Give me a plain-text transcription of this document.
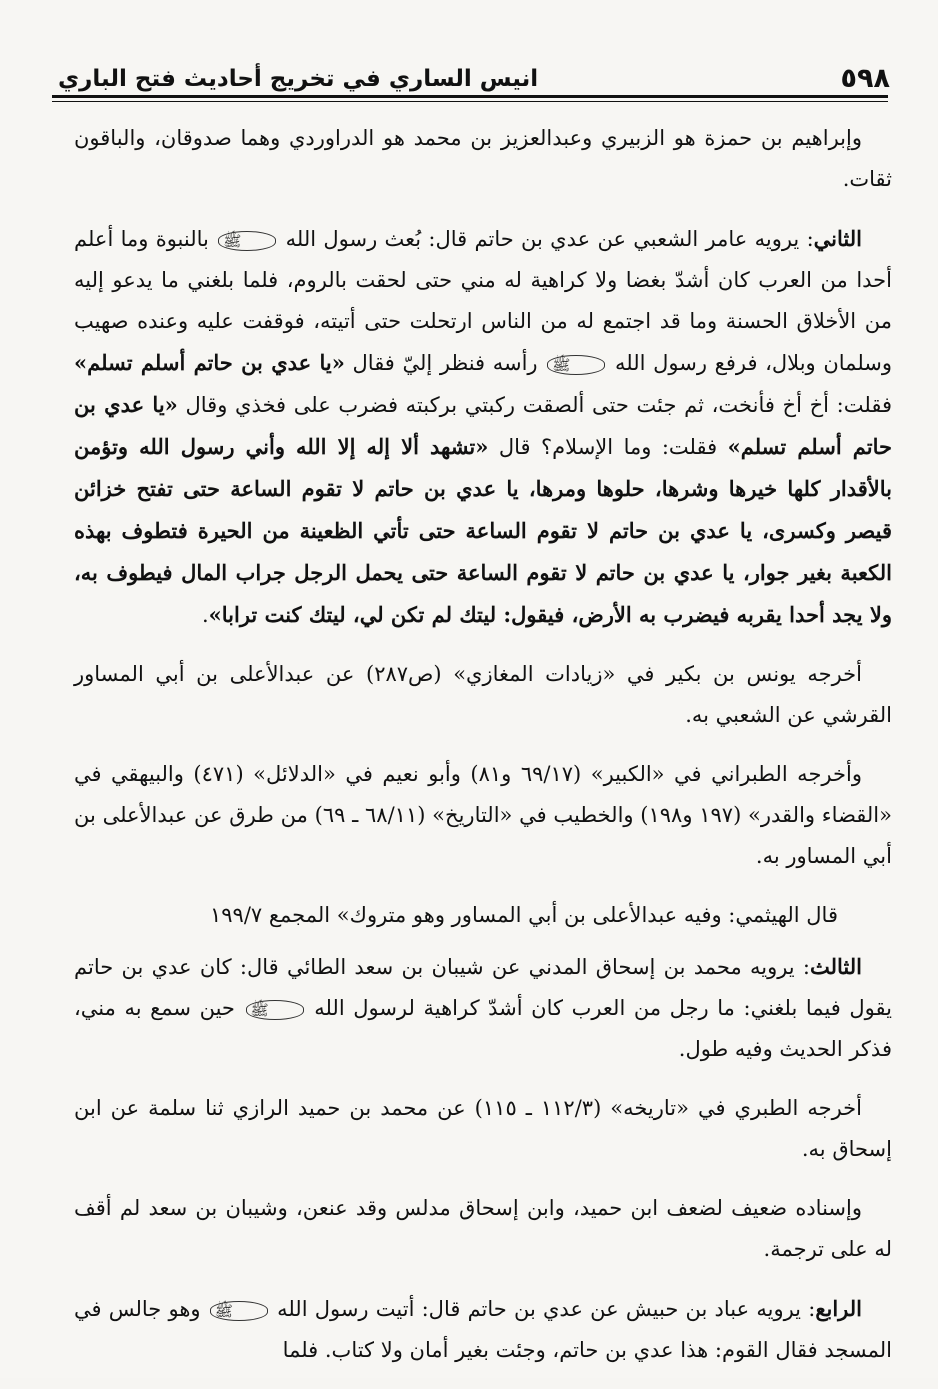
٥٩٨
انيس الساري في تخريج أحاديث فتح الباري

وإبراهيم بن حمزة هو الزبيري وعبدالعزيز بن محمد هو الدراوردي وهما صدوقان، والباقون ثقات.

الثاني: يرويه عامر الشعبي عن عدي بن حاتم قال: بُعث رسول الله ﷺ بالنبوة وما أعلم أحدا من العرب كان أشدّ بغضا ولا كراهية له مني حتى لحقت بالروم، فلما بلغني ما يدعو إليه من الأخلاق الحسنة وما قد اجتمع له من الناس ارتحلت حتى أتيته، فوقفت عليه وعنده صهيب وسلمان وبلال، فرفع رسول الله ﷺ رأسه فنظر إليّ فقال «يا عدي بن حاتم أسلم تسلم» فقلت: أخ أخ فأنخت، ثم جئت حتى ألصقت ركبتي بركبته فضرب على فخذي وقال «يا عدي بن حاتم أسلم تسلم» فقلت: وما الإسلام؟ قال «تشهد ألا إله إلا الله وأني رسول الله وتؤمن بالأقدار كلها خيرها وشرها، حلوها ومرها، يا عدي بن حاتم لا تقوم الساعة حتى تفتح خزائن قيصر وكسرى، يا عدي بن حاتم لا تقوم الساعة حتى تأتي الظعينة من الحيرة فتطوف بهذه الكعبة بغير جوار، يا عدي بن حاتم لا تقوم الساعة حتى يحمل الرجل جراب المال فيطوف به، ولا يجد أحدا يقربه فيضرب به الأرض، فيقول: ليتك لم تكن لي، ليتك كنت ترابا».

أخرجه يونس بن بكير في «زيادات المغازي» (ص٢٨٧) عن عبدالأعلى بن أبي المساور القرشي عن الشعبي به.

وأخرجه الطبراني في «الكبير» (٦٩/١٧ و٨١) وأبو نعيم في «الدلائل» (٤٧١) والبيهقي في «القضاء والقدر» (١٩٧ و١٩٨) والخطيب في «التاريخ» (٦٨/١١ ـ ٦٩) من طرق عن عبدالأعلى بن أبي المساور به.

قال الهيثمي: وفيه عبدالأعلى بن أبي المساور وهو متروك» المجمع ١٩٩/٧

الثالث: يرويه محمد بن إسحاق المدني عن شيبان بن سعد الطائي قال: كان عدي بن حاتم يقول فيما بلغني: ما رجل من العرب كان أشدّ كراهية لرسول الله ﷺ حين سمع به مني، فذكر الحديث وفيه طول.

أخرجه الطبري في «تاريخه» (١١٢/٣ ـ ١١٥) عن محمد بن حميد الرازي ثنا سلمة عن ابن إسحاق به.

وإسناده ضعيف لضعف ابن حميد، وابن إسحاق مدلس وقد عنعن، وشيبان بن سعد لم أقف له على ترجمة.

الرابع: يرويه عباد بن حبيش عن عدي بن حاتم قال: أتيت رسول الله ﷺ وهو جالس في المسجد فقال القوم: هذا عدي بن حاتم، وجئت بغير أمان ولا كتاب. فلما
